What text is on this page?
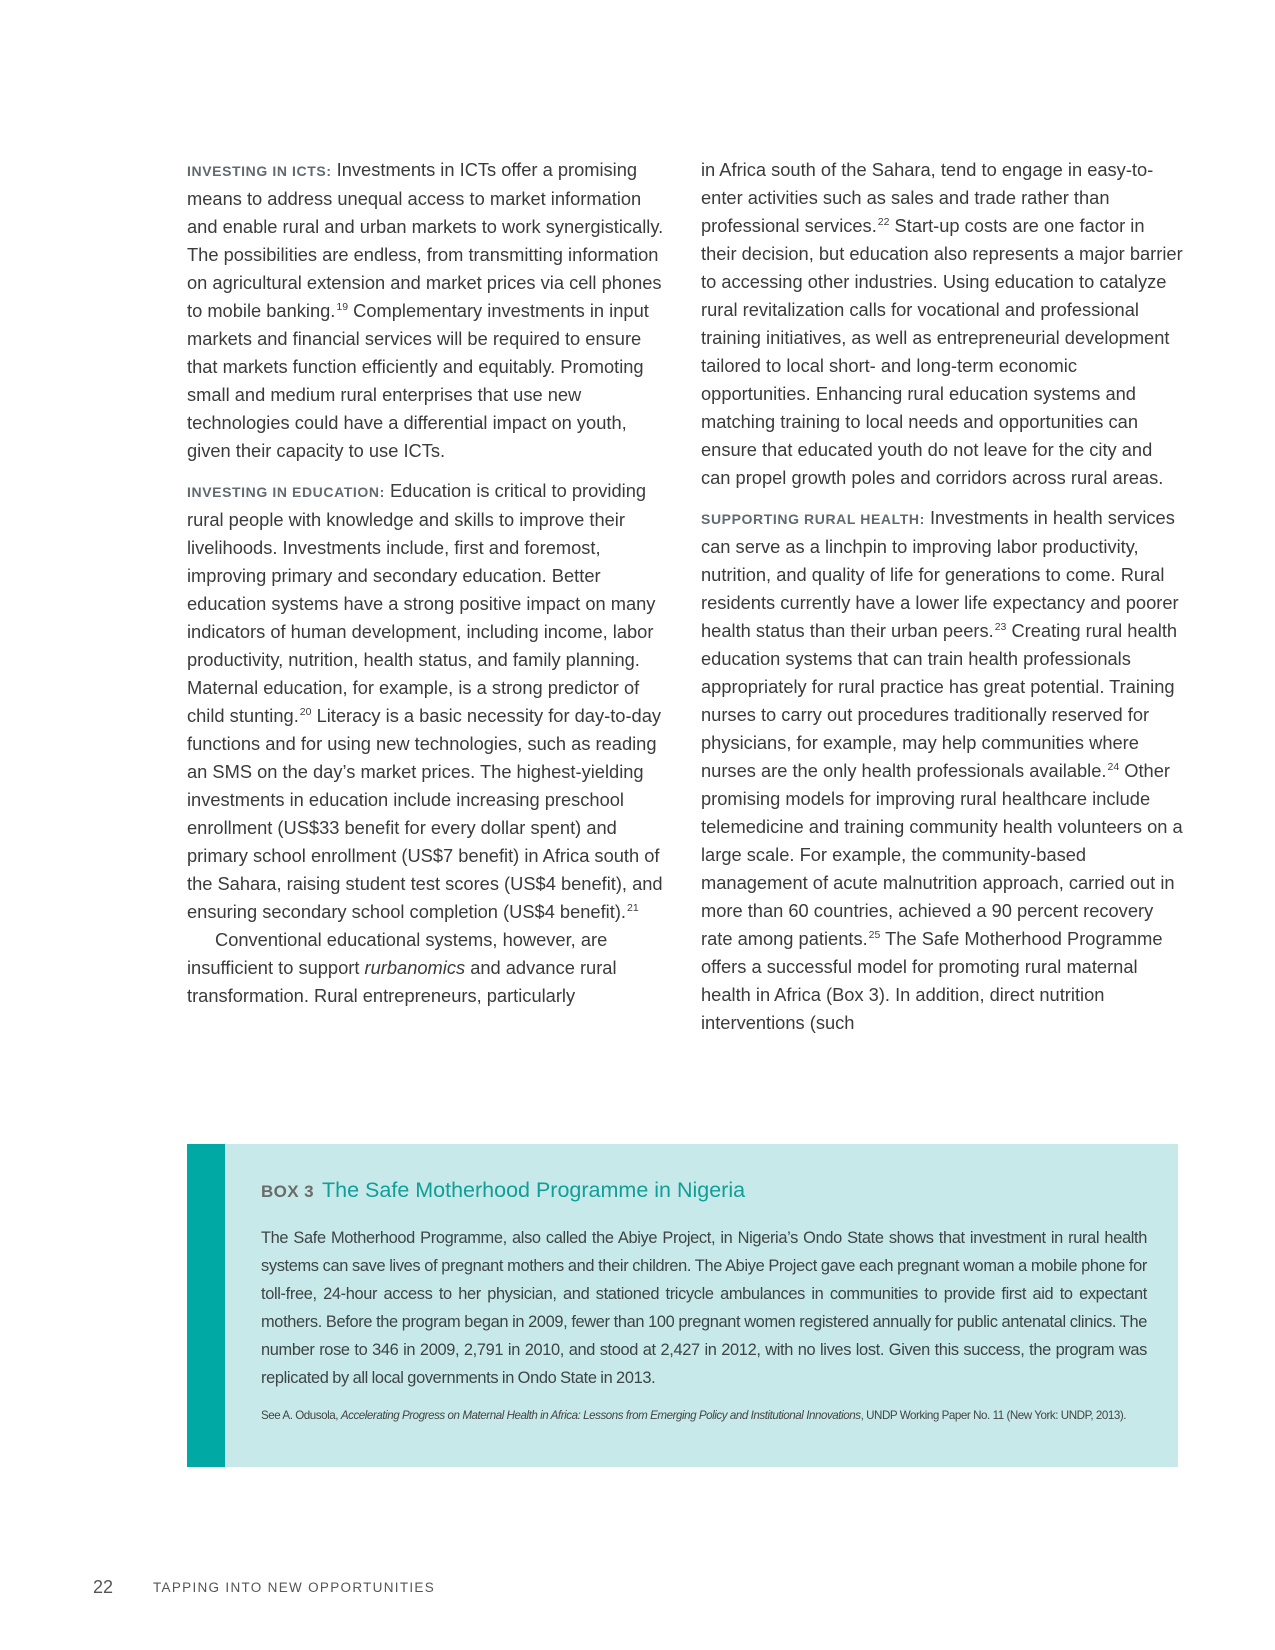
INVESTING IN ICTS: Investments in ICTs offer a promising means to address unequal access to market information and enable rural and urban markets to work synergistically. The possibilities are endless, from transmitting information on agricultural extension and market prices via cell phones to mobile banking.$^{19}$ Complementary investments in input markets and financial services will be required to ensure that markets function efficiently and equitably. Promoting small and medium rural enterprises that use new technologies could have a differential impact on youth, given their capacity to use ICTs.

INVESTING IN EDUCATION: Education is critical to providing rural people with knowledge and skills to improve their livelihoods. Investments include, first and foremost, improving primary and secondary education. Better education systems have a strong positive impact on many indicators of human development, including income, labor productivity, nutrition, health status, and family planning. Maternal education, for example, is a strong predictor of child stunting.$^{20}$ Literacy is a basic necessity for day-to-day functions and for using new technologies, such as reading an SMS on the day’s market prices. The highest-yielding investments in education include increasing preschool enrollment (US$33 benefit for every dollar spent) and primary school enrollment (US$7 benefit) in Africa south of the Sahara, raising student test scores (US$4 benefit), and ensuring secondary school completion (US$4 benefit).$^{21}$

Conventional educational systems, however, are insufficient to support rurbanomics and advance rural transformation. Rural entrepreneurs, particularly

in Africa south of the Sahara, tend to engage in easy-to-enter activities such as sales and trade rather than professional services.$^{22}$ Start-up costs are one factor in their decision, but education also represents a major barrier to accessing other industries. Using education to catalyze rural revitalization calls for vocational and professional training initiatives, as well as entrepreneurial development tailored to local short- and long-term economic opportunities. Enhancing rural education systems and matching training to local needs and opportunities can ensure that educated youth do not leave for the city and can propel growth poles and corridors across rural areas.

SUPPORTING RURAL HEALTH: Investments in health services can serve as a linchpin to improving labor productivity, nutrition, and quality of life for generations to come. Rural residents currently have a lower life expectancy and poorer health status than their urban peers.$^{23}$ Creating rural health education systems that can train health professionals appropriately for rural practice has great potential. Training nurses to carry out procedures traditionally reserved for physicians, for example, may help communities where nurses are the only health professionals available.$^{24}$ Other promising models for improving rural healthcare include telemedicine and training community health volunteers on a large scale. For example, the community-based management of acute malnutrition approach, carried out in more than 60 countries, achieved a 90 percent recovery rate among patients.$^{25}$ The Safe Motherhood Programme offers a successful model for promoting rural maternal health in Africa (Box 3). In addition, direct nutrition interventions (such

BOX 3 The Safe Motherhood Programme in Nigeria
The Safe Motherhood Programme, also called the Abiye Project, in Nigeria’s Ondo State shows that investment in rural health systems can save lives of pregnant mothers and their children. The Abiye Project gave each pregnant woman a mobile phone for toll-free, 24-hour access to her physician, and stationed tricycle ambulances in communities to provide first aid to expectant mothers. Before the program began in 2009, fewer than 100 pregnant women registered annually for public antenatal clinics. The number rose to 346 in 2009, 2,791 in 2010, and stood at 2,427 in 2012, with no lives lost. Given this success, the program was replicated by all local governments in Ondo State in 2013.
See A. Odusola, Accelerating Progress on Maternal Health in Africa: Lessons from Emerging Policy and Institutional Innovations, UNDP Working Paper No. 11 (New York: UNDP, 2013).
22	TAPPING INTO NEW OPPORTUNITIES
